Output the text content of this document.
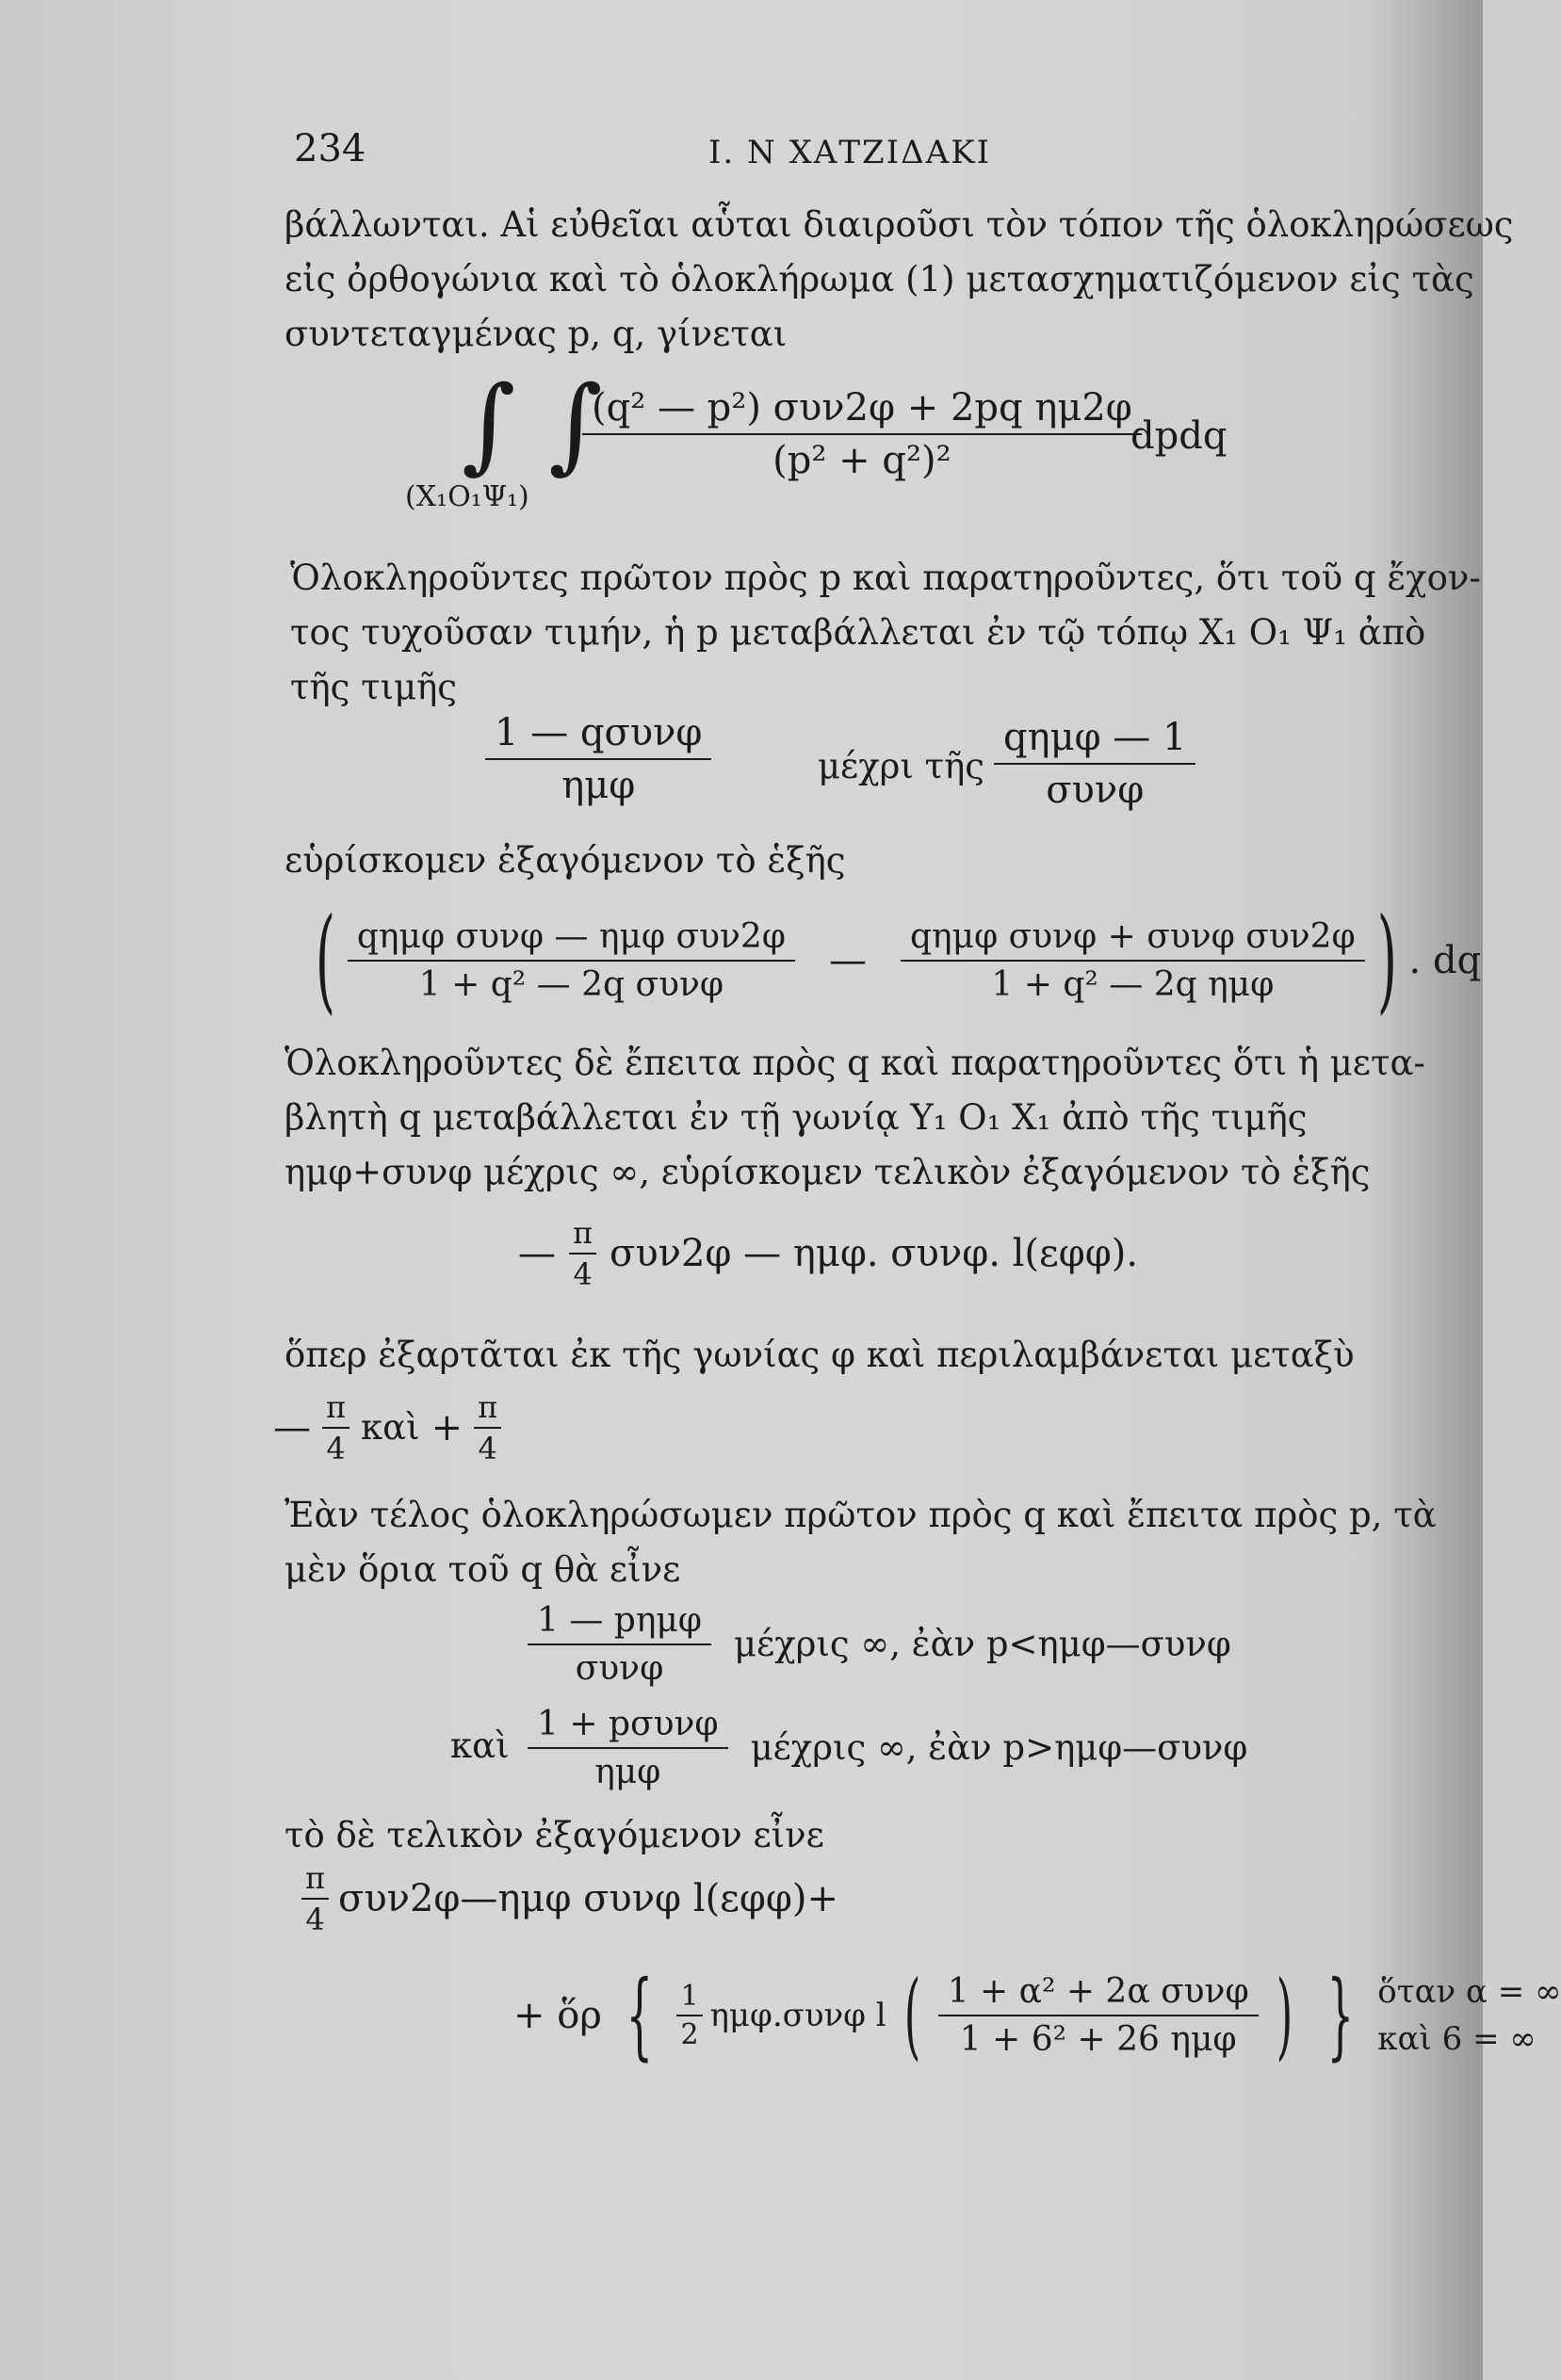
234	Ι. Ν ΧΑΤΖΙΔΑΚΙ
βάλλωνται. Αἱ εὐθεῖαι αὗται διαιροῦσι τὸν τόπον τῆς ὁλοκληρώσεως
εἰς ὀρθογώνια καὶ τὸ ὁλοκλήρωμα (1) μετασχηματιζόμενον εἰς τὰς
συντεταγμένας p, q, γίνεται
∫ ∫
$\frac{\text{(q² — p²) συν2φ + 2pq ημ2φ}}{\text{(p² + q²)²}}$
dpdq
(Χ₁Ο₁Ψ₁)
Ὁλοκληροῦντες πρῶτον πρὸς p καὶ παρατηροῦντες, ὅτι τοῦ q ἔχον-
τος τυχοῦσαν τιμήν, ἡ p μεταβάλλεται ἐν τῷ τόπῳ Χ₁ Ο₁ Ψ₁ ἀπὸ
τῆς τιμῆς
$\frac{\text{1 — qσυνφ}}{\text{ημφ}}$	μέχρι τῆς $\frac{\text{qημφ — 1}}{\text{συνφ}}$
εὑρίσκομεν ἐξαγόμενον τὸ ἑξῆς
( $\frac{\text{qημφ συνφ — ημφ συν2φ}}{\text{1 + q² — 2q συνφ}}$ — $\frac{\text{qημφ συνφ + συνφ συν2φ}}{\text{1 + q² — 2q ημφ}}$ ) . dq
Ὁλοκληροῦντες δὲ ἔπειτα πρὸς q καὶ παρατηροῦντες ὅτι ἡ μετα-
βλητὴ q μεταβάλλεται ἐν τῇ γωνίᾳ Υ₁ Ο₁ Χ₁ ἀπὸ τῆς τιμῆς
ημφ+συνφ μέχρις ∞, εὑρίσκομεν τελικὸν ἐξαγόμενον τὸ ἑξῆς
— $\frac{\pi}{4} \sigma\upsilon\nu 2\varphi$ — ημφ. συνφ. l(εφφ).
ὅπερ ἐξαρτᾶται ἐκ τῆς γωνίας φ καὶ περιλαμβάνεται μεταξὺ
— $\frac{\pi}{4}$ καὶ + $\frac{\pi}{4}$
Ἐὰν τέλος ὁλοκληρώσωμεν πρῶτον πρὸς q καὶ ἔπειτα πρὸς p, τὰ
μὲν ὅρια τοῦ q θὰ εἶνε
$\frac{\text{1 — pημφ}}{\text{συνφ}}$ μέχρις ∞, ἐὰν p<ημφ—συνφ
καὶ $\frac{\text{1 + pσυνφ}}{\text{ημφ}}$ μέχρις ∞, ἐὰν p>ημφ—συνφ
τὸ δὲ τελικὸν ἐξαγόμενον εἶνε
$\frac{\pi}{4}$ συν2φ—ημφ συνφ l(εφφ)+
+ ὅρ { $\frac{1}{2} \eta\mu\varphi.\sigma\upsilon\nu\varphi$ l ( $\frac{\text{1 + α² + 2α συνφ}}{\text{1 + 6² + 26 ημφ}}$ ) } ὅταν α = ∞
καὶ 6 = ∞
